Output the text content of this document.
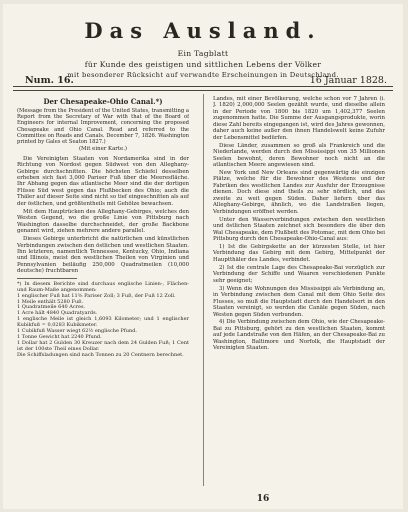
Das Ausland.
Ein Tagblatt
für Kunde des geistigen und sittlichen Lebens der Völker
mit besonderer Rücksicht auf verwandte Erscheinungen in Deutschland.
Num. 16.	16 Januar 1828.
Der Chesapeake-Ohio Canal.*)
(Message from the President of the United States, transmitting a Report from the Secretary of War with that of the Board of Engineers for internal Improvement, concerning the proposed Chesapeake and Ohio Canal. Read and referred to the Committee on Roads and Canals. December 7, 1826. Washington printed by Gales et Seaton 1827.)
(Mit einer Karte.)

Die Vereinigten Staaten von Nordamerika sind in der Richtung von Nordost gegen Südwest von den Alleghany-Gebirge durchschnitten. Die höchsten Schiefel desselben erheben sich fast 3,000 Pariser Fuß über die Meeresfläche. Ihr Abhang gegen das atlantische Meer sind die der dortigen Flüsse Süd west gegen das Flußbecken des Ohio; auch die Thäler auf dieser Seite sind nicht so tief eingeschnitten als auf der östlichen, und größtentheils mit Gehölze bewachsen.

Mit dem Hauptrücken des Alleghany-Gebirges, welches den Westen Gegend, wo die große Linie von Pittsburg nach Washington dasselbe durchschneidet, der große Backbone genannt wird, ziehen mehrere andere parallel.

Dieses Gebirge unterbricht die natürlichen und künstlichen Verbindungen zwischen den östlichen und westlichen Staaten. Ihn letzteren, namentlich Tennessee, Kentucky, Ohio, Indiana und Illinois, meist den westlichen Theilen von Virginien und Pennsylvanien beiläufig 250,000 Quadratmeilen (10,000 deutsche) fruchtbaren

*) In diesem Berichte sind durchaus englische Linien-, Flächen- und Raum-Maße angenommen:
1 englischer Fuß hat 11⅜ Pariser Zoll; 3 Fuß, der Fuß 12 Zoll.
1 Meile enthält 5280 Fuß.
1 Quadratmeile 640 Acres.
1 Acre hält 4840 Quadratyards.
1 englische Meile ist gleich 1,6093 Kilometer; und 1 englischer Kubikfuß = 0,0283 Kubikmeter.
1 Cubikfuß Wasser wiegt 62½ englische Pfund.
1 Tonne Gewicht hat 2240 Pfund.
1 Dollar hat 2 Gulden 30 Kreuzer nach dem 24 Gulden Fuß; 1 Cent ist der 100ste Theil eines Dollar.
Die Schiffsladungen sind nach Tonnen zu 20 Centnern berechnet.

Landes, mit einer Bevölkerung, welche schon vor 7 Jahren (i. J. 1820) 2,000,000 Seelen gezählt wurde, und dieselbe allein in der Periode von 1800 bis 1820 um 1,402,377 Seelen zugenommen hatte. Die Summe der Ausgangsprodukte, worin diese Zahl bereits eingegangen ist, wird des Jahres gewonnen, daher auch keine außer den ihnen Handelswelt keine Zufuhr der Lebensmittel bedürfen.

Diese Länder, zusammen so groß als Frankreich und die Niederlande, werden durch den Mississippi von 35 Millionen Seelen bewohnt, deren Bewohner noch nicht an die atlantischen Meere angewiesen sind.

New York und New Orleans sind gegenwärtig die einzigen Plätze, welche für die Bewohner des Westens und der Fabriken des westlichen Landes zur Ausfuhr der Erzeugnisse dienen. Doch diese sind theils zu sehr nördlich, und das zweite zu weit gegen Süden. Daher liefern über das Alleghany-Gebirge, ähnlich, wo die Landstraßen liegen, Verbindungen eröffnet werden.

Unter den Wasserverbindungen zwischen den westlichen und östlichen Staaten zeichnet sich besonders die über den Wal Chesapeake, dem Flußbett des Potomac, mit dem Ohio bei Pittsburg durch den Chesapeake-Ohio-Canal aus:

1) Ist die Gebirgskette an der kürzesten Stelle, ist hier Verbindung das Gebirg mit dem Gebirg, Mittelpunkt der Hauptthäler des Landes, verbindet.

2) Ist die centrale Lage des Chesapeake-Bai vorzüglich zur Verbindung der Schiffe und Waaren verschiedenen Punkte sehr geeignet;

3) Wenn die Wohnungen des Mississippi als Verbindung an, in Verbindung zwischen dem Canal mit dem Ohio Seite des Flusses, so muß die Hauptstadt durch den Handelsort in den Staaten vereinigt, so werden die Canäle gegen Süden, nach Westen gegen Süden verbunden.

4) Die Verbindung zwischen dem Ohio, wie der Chesapeake-Bai zu Pittsburg, gehört zu den westlichen Staaten, kommt auf jede Landstraße von den Häfen, an der Chesapeake-Bai zu Washington, Baltimore und Norfolk, die Hauptstadt der Vereinigten Staaten.

16
